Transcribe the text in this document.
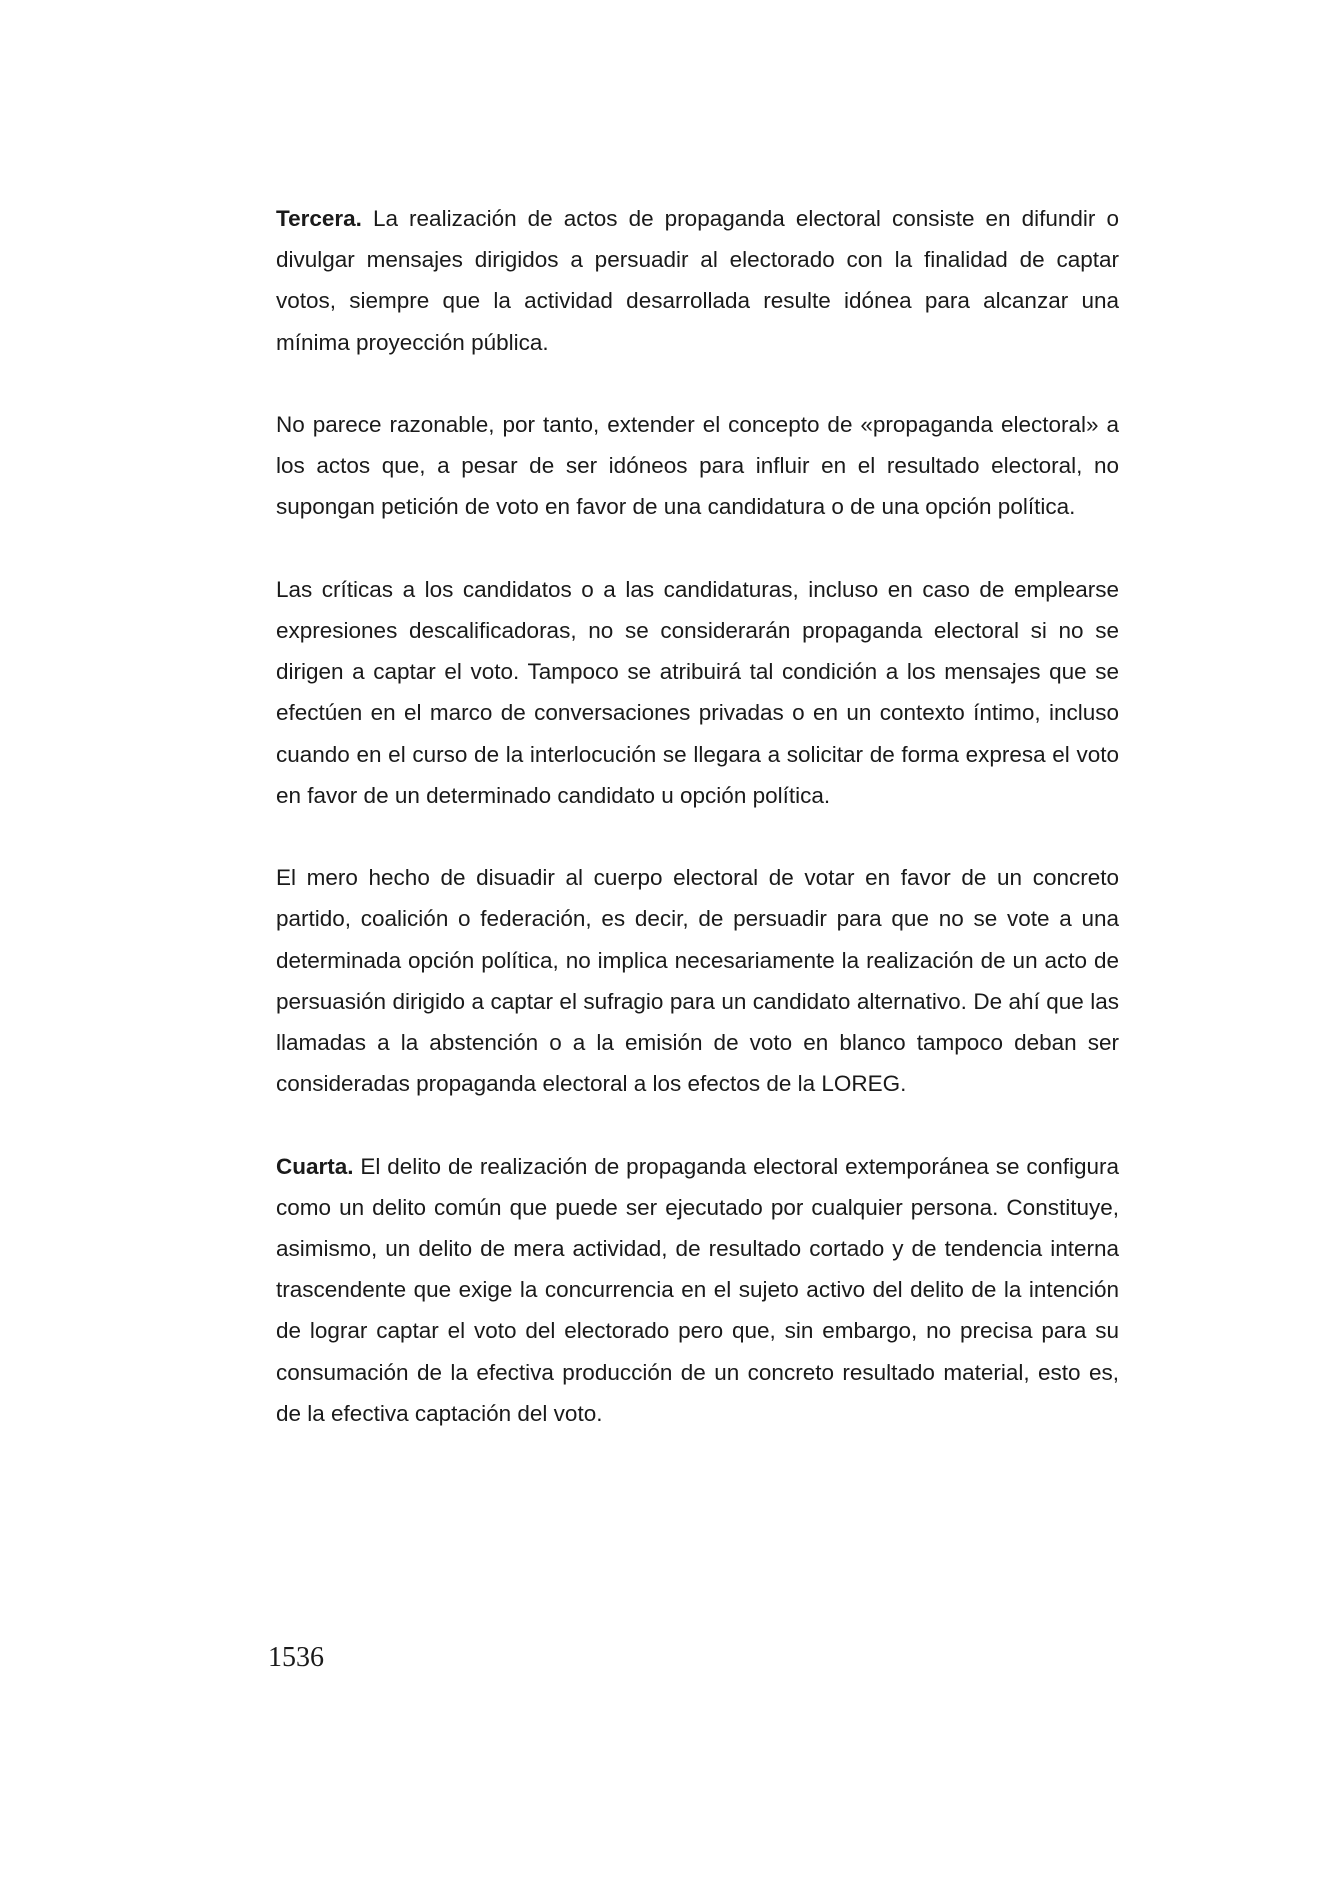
Tercera. La realización de actos de propaganda electoral consiste en difundir o divulgar mensajes dirigidos a persuadir al electorado con la finalidad de captar votos, siempre que la actividad desarrollada resulte idónea para alcanzar una mínima proyección pública.

No parece razonable, por tanto, extender el concepto de «propaganda electoral» a los actos que, a pesar de ser idóneos para influir en el resultado electoral, no supongan petición de voto en favor de una candidatura o de una opción política.

Las críticas a los candidatos o a las candidaturas, incluso en caso de emplearse expresiones descalificadoras, no se considerarán propaganda electoral si no se dirigen a captar el voto. Tampoco se atribuirá tal condición a los mensajes que se efectúen en el marco de conversaciones privadas o en un contexto íntimo, incluso cuando en el curso de la interlocución se llegara a solicitar de forma expresa el voto en favor de un determinado candidato u opción política.

El mero hecho de disuadir al cuerpo electoral de votar en favor de un concreto partido, coalición o federación, es decir, de persuadir para que no se vote a una determinada opción política, no implica necesariamente la realización de un acto de persuasión dirigido a captar el sufragio para un candidato alternativo. De ahí que las llamadas a la abstención o a la emisión de voto en blanco tampoco deban ser consideradas propaganda electoral a los efectos de la LOREG.

Cuarta. El delito de realización de propaganda electoral extemporánea se configura como un delito común que puede ser ejecutado por cualquier persona. Constituye, asimismo, un delito de mera actividad, de resultado cortado y de tendencia interna trascendente que exige la concurrencia en el sujeto activo del delito de la intención de lograr captar el voto del electorado pero que, sin embargo, no precisa para su consumación de la efectiva producción de un concreto resultado material, esto es, de la efectiva captación del voto.

1536
